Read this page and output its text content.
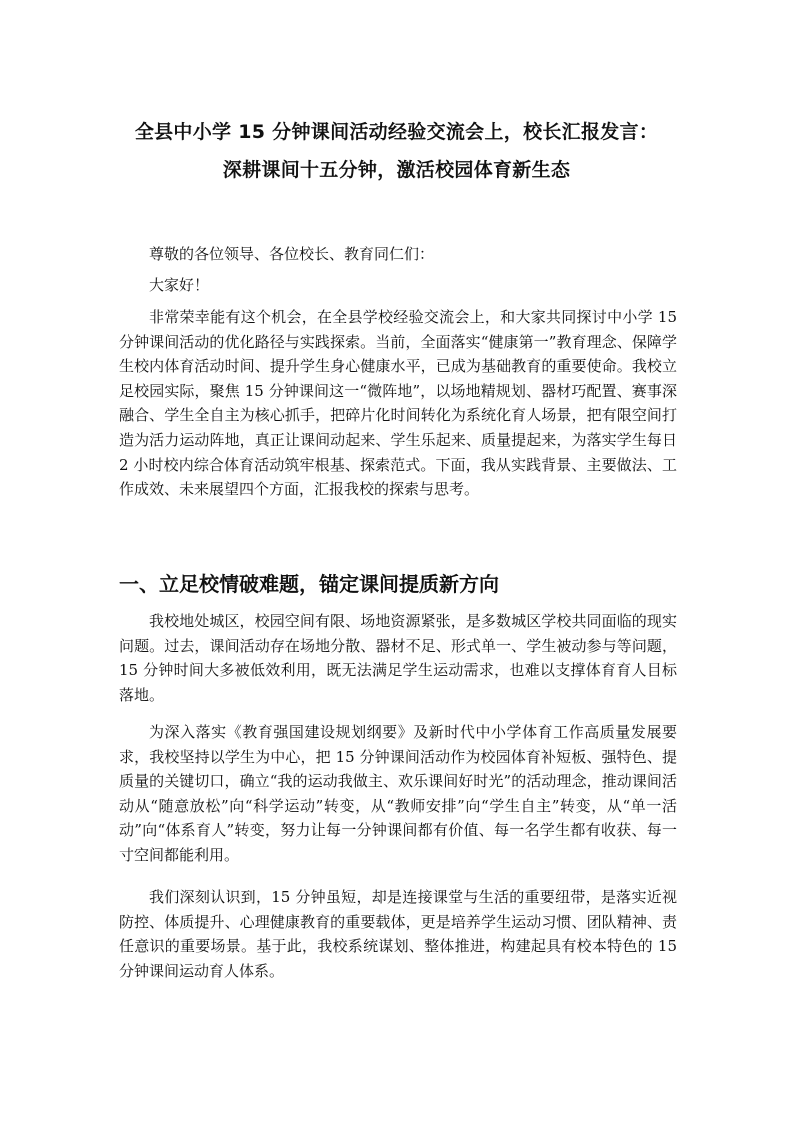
全县中小学 15 分钟课间活动经验交流会上，校长汇报发言：
深耕课间十五分钟，激活校园体育新生态

尊敬的各位领导、各位校长、教育同仁们：

大家好！

非常荣幸能有这个机会，在全县学校经验交流会上，和大家共同探讨中小学 15 分钟课间活动的优化路径与实践探索。当前，全面落实“健康第一”教育理念、保障学生校内体育活动时间、提升学生身心健康水平，已成为基础教育的重要使命。我校立足校园实际，聚焦 15 分钟课间这一“微阵地”，以场地精规划、器材巧配置、赛事深融合、学生全自主为核心抓手，把碎片化时间转化为系统化育人场景，把有限空间打造为活力运动阵地，真正让课间动起来、学生乐起来、质量提起来，为落实学生每日 2 小时校内综合体育活动筑牢根基、探索范式。下面，我从实践背景、主要做法、工作成效、未来展望四个方面，汇报我校的探索与思考。

一、立足校情破难题，锚定课间提质新方向

我校地处城区，校园空间有限、场地资源紧张，是多数城区学校共同面临的现实问题。过去，课间活动存在场地分散、器材不足、形式单一、学生被动参与等问题，15 分钟时间大多被低效利用，既无法满足学生运动需求，也难以支撑体育育人目标落地。

为深入落实《教育强国建设规划纲要》及新时代中小学体育工作高质量发展要求，我校坚持以学生为中心，把 15 分钟课间活动作为校园体育补短板、强特色、提质量的关键切口，确立“我的运动我做主、欢乐课间好时光”的活动理念，推动课间活动从“随意放松”向“科学运动”转变，从“教师安排”向“学生自主”转变，从“单一活动”向“体系育人”转变，努力让每一分钟课间都有价值、每一名学生都有收获、每一寸空间都能利用。

我们深刻认识到，15 分钟虽短，却是连接课堂与生活的重要纽带，是落实近视防控、体质提升、心理健康教育的重要载体，更是培养学生运动习惯、团队精神、责任意识的重要场景。基于此，我校系统谋划、整体推进，构建起具有校本特色的 15 分钟课间运动育人体系。
